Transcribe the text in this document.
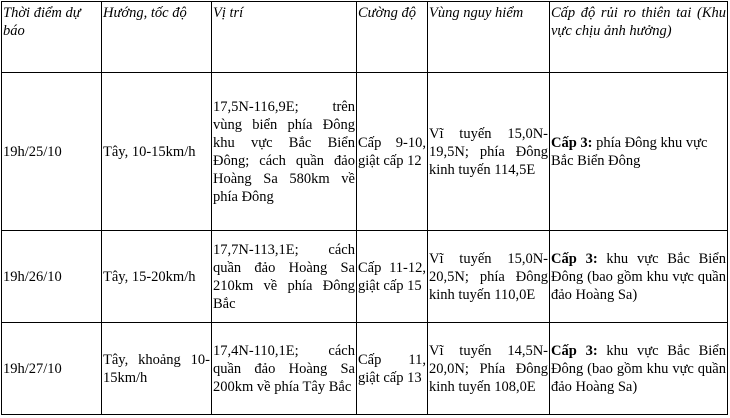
Thời điểm dự báo	Hướng, tốc độ	Vị trí	Cường độ	Vùng nguy hiểm	Cấp độ rủi ro thiên tai (Khu vực chịu ảnh hưởng)
19h/25/10	Tây, 10-15km/h	17,5N-116,9E; trên vùng biển phía Đông khu vực Bắc Biển Đông; cách quần đảo Hoàng Sa 580km về phía Đông	Cấp 9-10, giật cấp 12	Vĩ tuyến 15,0N-19,5N; phía Đông kinh tuyến 114,5E	Cấp 3: phía Đông khu vực Bắc Biển Đông
19h/26/10	Tây, 15-20km/h	17,7N-113,1E; cách quần đảo Hoàng Sa 210km về phía Đông Bắc	Cấp 11-12, giật cấp 15	Vĩ tuyến 15,0N-20,5N; phía Đông kinh tuyến 110,0E	Cấp 3: khu vực Bắc Biển Đông (bao gồm khu vực quần đảo Hoàng Sa)
19h/27/10	Tây, khoảng 10-15km/h	17,4N-110,1E; cách quần đảo Hoàng Sa 200km về phía Tây Bắc	Cấp 11, giật cấp 13	Vĩ tuyến 14,5N-20,0N; Phía Đông kinh tuyến 108,0E	Cấp 3: khu vực Bắc Biển Đông (bao gồm khu vực quần đảo Hoàng Sa)
